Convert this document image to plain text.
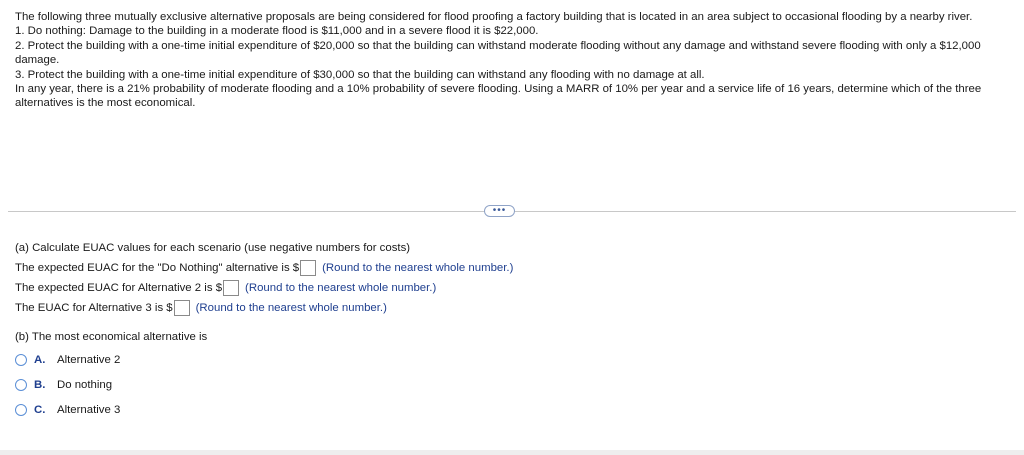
The following three mutually exclusive alternative proposals are being considered for flood proofing a factory building that is located in an area subject to occasional flooding by a nearby river.

1. Do nothing: Damage to the building in a moderate flood is $11,000 and in a severe flood it is $22,000.

2. Protect the building with a one-time initial expenditure of $20,000 so that the building can withstand moderate flooding without any damage and withstand severe flooding with only a $12,000 damage.

3. Protect the building with a one-time initial expenditure of $30,000 so that the building can withstand any flooding with no damage at all.

In any year, there is a 21% probability of moderate flooding and a 10% probability of severe flooding. Using a MARR of 10% per year and a service life of 16 years, determine which of the three alternatives is the most economical.

•••
(a) Calculate EUAC values for each scenario (use negative numbers for costs)
The expected EUAC for the "Do Nothing" alternative is $ (Round to the nearest whole number.)
The expected EUAC for Alternative 2 is $ (Round to the nearest whole number.)
The EUAC for Alternative 3 is $ (Round to the nearest whole number.)
(b) The most economical alternative is
A.	Alternative 2
B.	Do nothing
C.	Alternative 3
